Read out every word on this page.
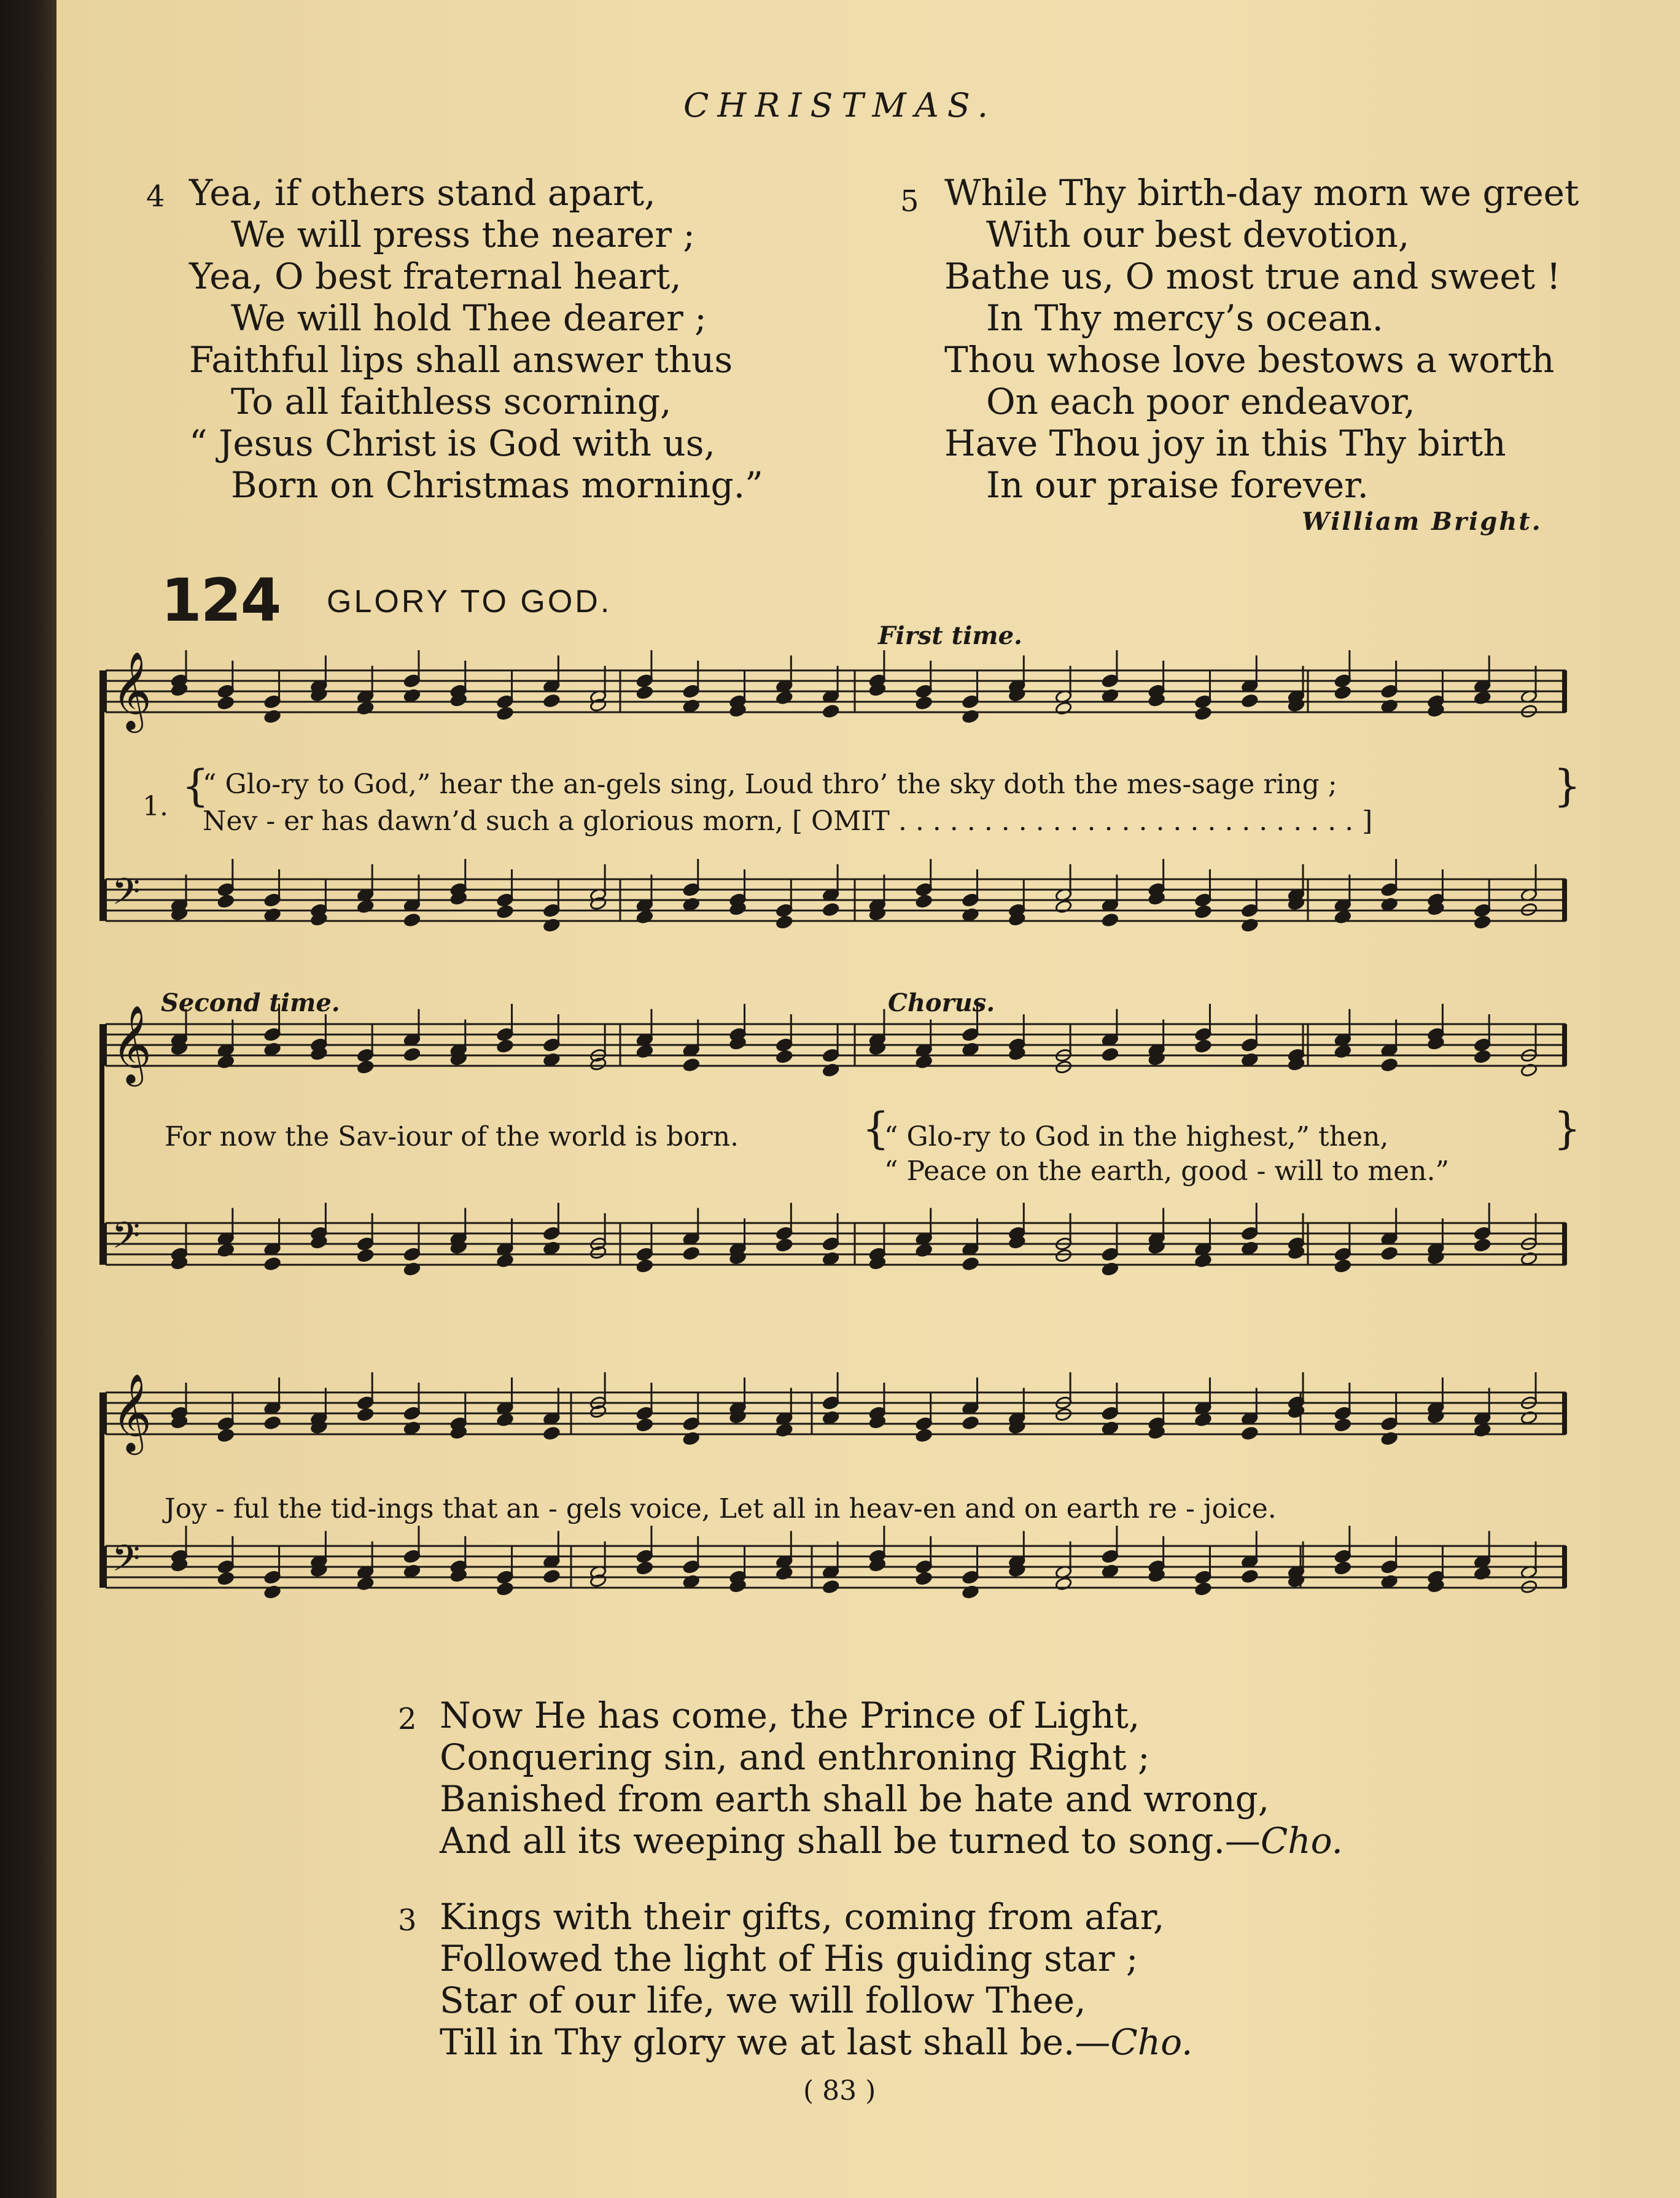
CHRISTMAS.
4 Yea, if others stand apart,
We will press the nearer ;
Yea, O best fraternal heart,
We will hold Thee dearer ;
Faithful lips shall answer thus
To all faithless scorning,
“ Jesus Christ is God with us,
Born on Christmas morning.”
5 While Thy birth-day morn we greet
With our best devotion,
Bathe us, O most true and sweet !
In Thy mercy’s ocean.
Thou whose love bestows a worth
On each poor endeavor,
Have Thou joy in this Thy birth
In our praise forever.
William Bright.
124 GLORY TO GOD.
First time.
Second time.	Chorus.
𝄞
𝄢
𝄞
𝄢
𝄞
𝄢
1. {
“ Glo-ry to God,” hear the an-gels sing, Loud thro’ the sky doth the mes-sage ring ;
Nev - er has dawn’d such a glorious morn, [ OMIT . . . . . . . . . . . . . . . . . . . . . . . . . . . ]
}
For now the Sav-iour of the world is born.	{
“ Glo-ry to God in the highest,” then,
“ Peace on the earth, good - will to men.”
}
Joy - ful the tid-ings that an - gels voice, Let all in heav-en and on earth re - joice.
2 Now He has come, the Prince of Light,
Conquering sin, and enthroning Right ;
Banished from earth shall be hate and wrong,
And all its weeping shall be turned to song.—Cho.
3 Kings with their gifts, coming from afar,
Followed the light of His guiding star ;
Star of our life, we will follow Thee,
Till in Thy glory we at last shall be.—Cho.
( 83 )
